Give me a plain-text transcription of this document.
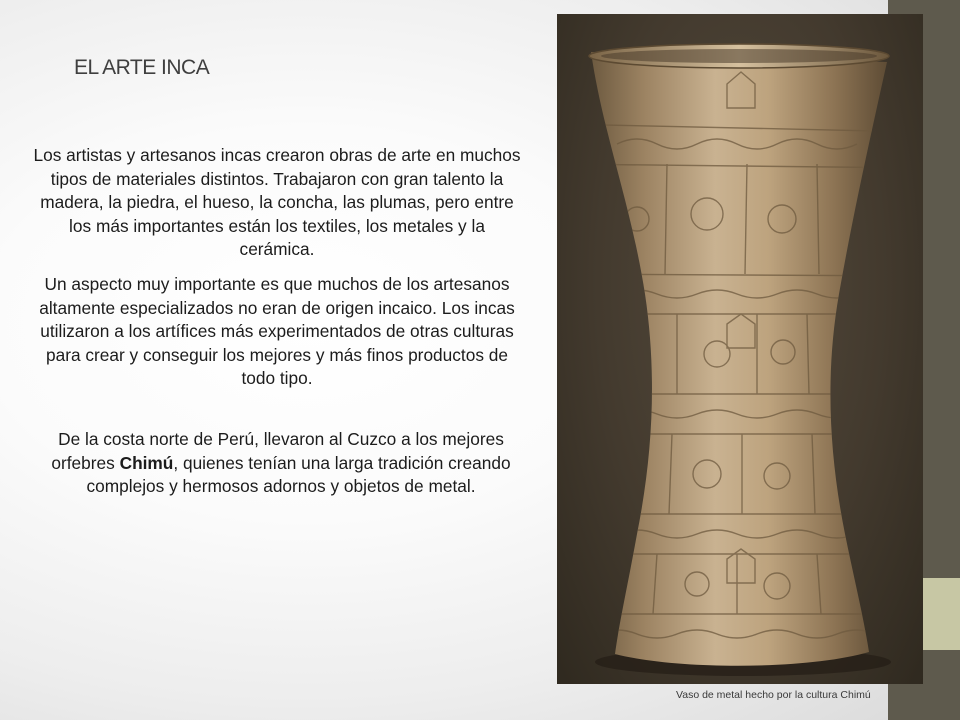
EL ARTE INCA
Los artistas y artesanos incas crearon obras de arte en muchos tipos de materiales distintos. Trabajaron con gran talento la madera, la piedra, el hueso, la concha, las plumas, pero entre los más importantes están los textiles, los metales y la cerámica.
Un aspecto muy importante es que muchos de los artesanos altamente especializados no eran de origen incaico. Los incas utilizaron a los artífices más experimentados de otras culturas para crear y conseguir los mejores y más finos productos de todo tipo.
De la costa norte de Perú, llevaron al Cuzco a los mejores orfebres Chimú, quienes tenían una larga tradición creando complejos y hermosos adornos y objetos de metal.
Vaso de metal hecho por la cultura Chimú
